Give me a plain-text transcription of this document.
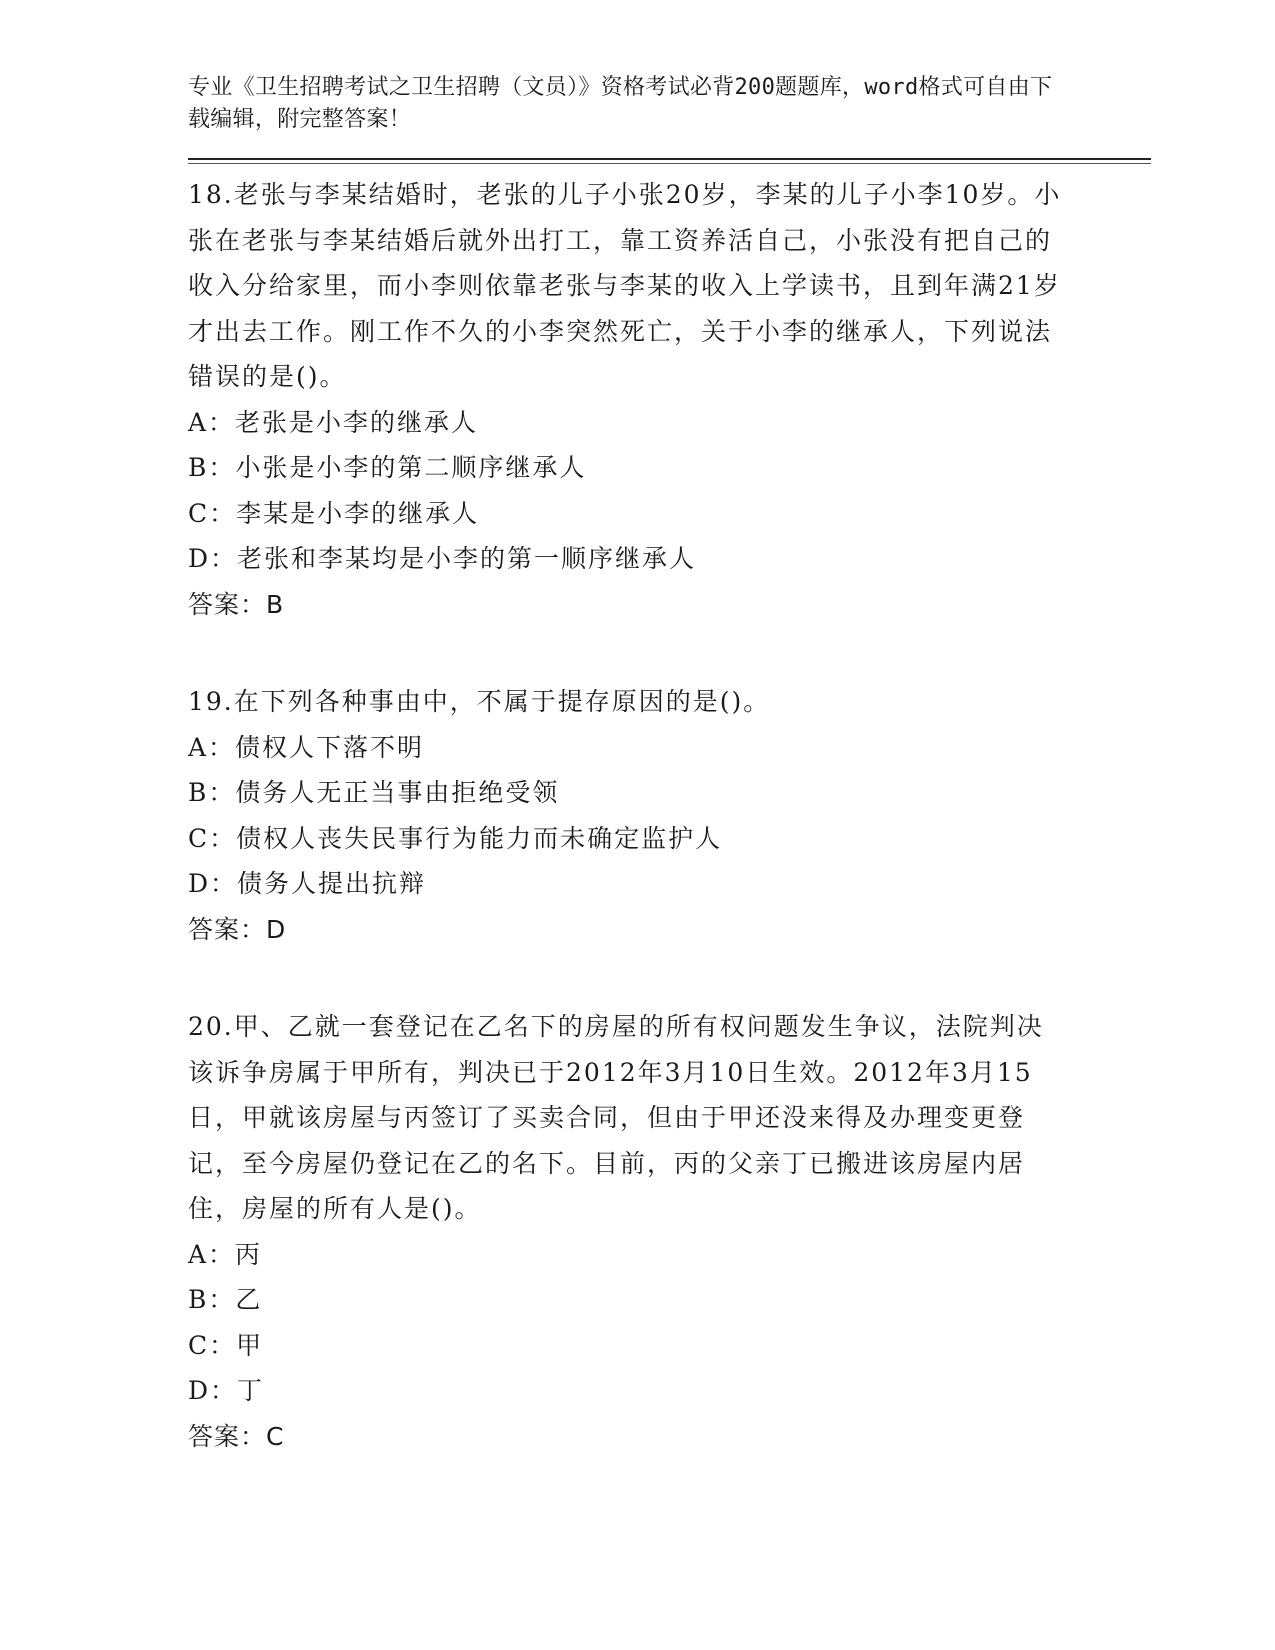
专业《卫生招聘考试之卫生招聘（文员）》资格考试必背200题题库，word格式可自由下载编辑，附完整答案！
18.老张与李某结婚时，老张的儿子小张20岁，李某的儿子小李10岁。小张在老张与李某结婚后就外出打工，靠工资养活自己，小张没有把自己的收入分给家里，而小李则依靠老张与李某的收入上学读书，且到年满21岁才出去工作。刚工作不久的小李突然死亡，关于小李的继承人，下列说法错误的是()。
A：老张是小李的继承人
B：小张是小李的第二顺序继承人
C：李某是小李的继承人
D：老张和李某均是小李的第一顺序继承人
答案：B
19.在下列各种事由中，不属于提存原因的是()。
A：债权人下落不明
B：债务人无正当事由拒绝受领
C：债权人丧失民事行为能力而未确定监护人
D：债务人提出抗辩
答案：D
20.甲、乙就一套登记在乙名下的房屋的所有权问题发生争议，法院判决该诉争房属于甲所有，判决已于2012年3月10日生效。2012年3月15日，甲就该房屋与丙签订了买卖合同，但由于甲还没来得及办理变更登记，至今房屋仍登记在乙的名下。目前，丙的父亲丁已搬进该房屋内居住，房屋的所有人是()。
A：丙
B：乙
C：甲
D：丁
答案：C
